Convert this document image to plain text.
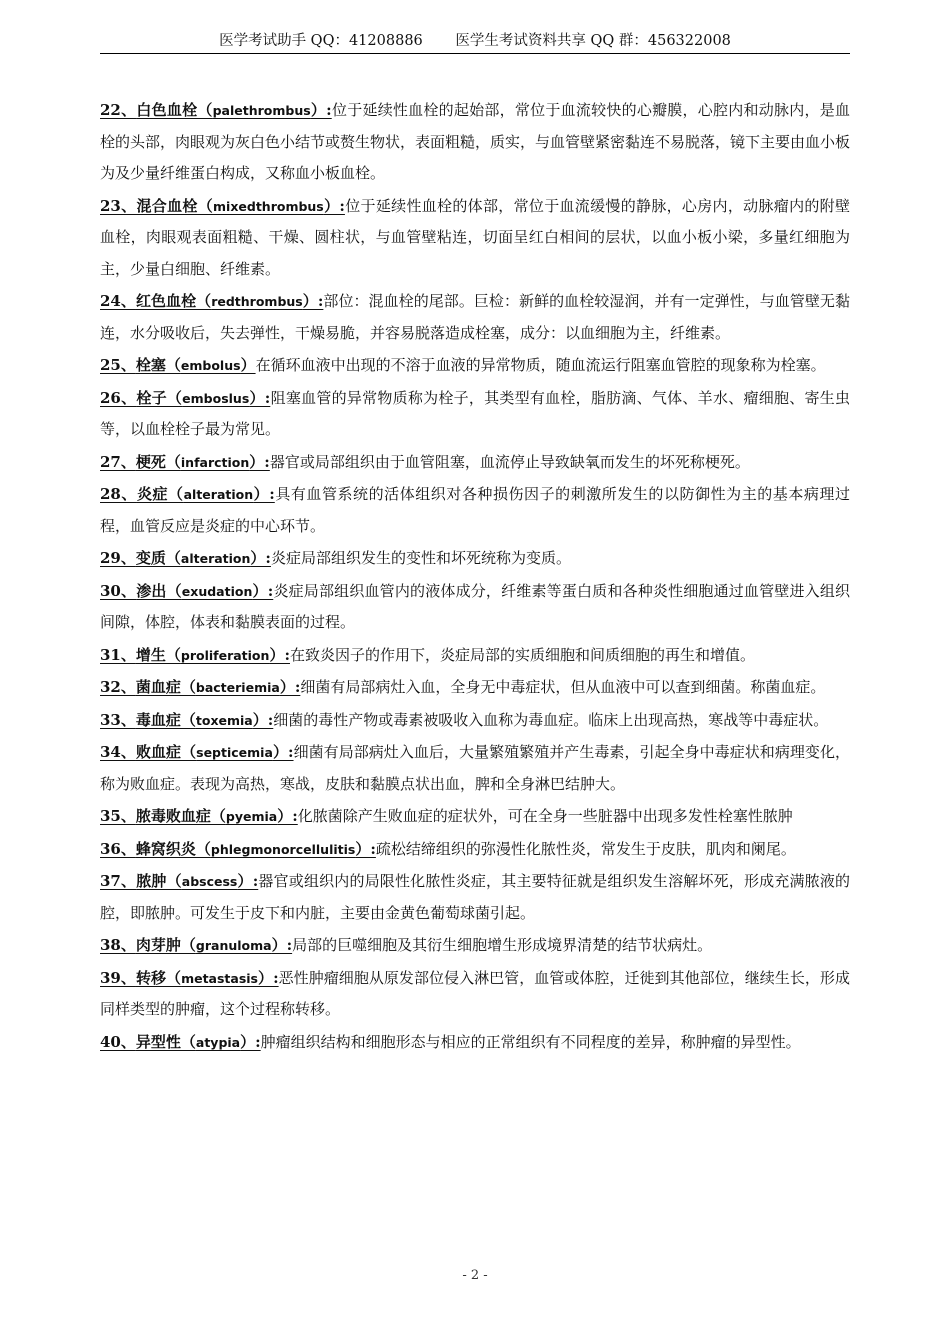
医学考试助手 QQ：41208886 医学生考试资料共享 QQ 群：456322008
22、白色血栓（palethrombus）:位于延续性血栓的起始部，常位于血流较快的心瓣膜，心腔内和动脉内，是血栓的头部，肉眼观为灰白色小结节或赘生物状，表面粗糙，质实，与血管壁紧密黏连不易脱落，镜下主要由血小板为及少量纤维蛋白构成，又称血小板血栓。
23、混合血栓（mixedthrombus）:位于延续性血栓的体部，常位于血流缓慢的静脉，心房内，动脉瘤内的附壁血栓，肉眼观表面粗糙、干燥、圆柱状，与血管壁粘连，切面呈红白相间的层状，以血小板小梁，多量红细胞为主，少量白细胞、纤维素。
24、红色血栓（redthrombus）:部位：混血栓的尾部。巨检：新鲜的血栓较湿润，并有一定弹性，与血管壁无黏连，水分吸收后，失去弹性，干燥易脆，并容易脱落造成栓塞，成分：以血细胞为主，纤维素。
25、栓塞（embolus）在循环血液中出现的不溶于血液的异常物质，随血流运行阻塞血管腔的现象称为栓塞。
26、栓子（emboslus）:阻塞血管的异常物质称为栓子，其类型有血栓，脂肪滴、气体、羊水、瘤细胞、寄生虫等，以血栓栓子最为常见。
27、梗死（infarction）:器官或局部组织由于血管阻塞，血流停止导致缺氧而发生的坏死称梗死。
28、炎症（alteration）:具有血管系统的活体组织对各种损伤因子的刺激所发生的以防御性为主的基本病理过程，血管反应是炎症的中心环节。
29、变质（alteration）:炎症局部组织发生的变性和坏死统称为变质。
30、渗出（exudation）:炎症局部组织血管内的液体成分，纤维素等蛋白质和各种炎性细胞通过血管壁进入组织间隙，体腔，体表和黏膜表面的过程。
31、增生（proliferation）:在致炎因子的作用下，炎症局部的实质细胞和间质细胞的再生和增值。
32、菌血症（bacteriemia）:细菌有局部病灶入血，全身无中毒症状，但从血液中可以查到细菌。称菌血症。
33、毒血症（toxemia）:细菌的毒性产物或毒素被吸收入血称为毒血症。临床上出现高热，寒战等中毒症状。
34、败血症（septicemia）:细菌有局部病灶入血后，大量繁殖繁殖并产生毒素，引起全身中毒症状和病理变化，称为败血症。表现为高热，寒战，皮肤和黏膜点状出血，脾和全身淋巴结肿大。
35、脓毒败血症（pyemia）:化脓菌除产生败血症的症状外，可在全身一些脏器中出现多发性栓塞性脓肿
36、蜂窝织炎（phlegmonorcellulitis）:疏松结缔组织的弥漫性化脓性炎，常发生于皮肤，肌肉和阑尾。
37、脓肿（abscess）:器官或组织内的局限性化脓性炎症，其主要特征就是组织发生溶解坏死，形成充满脓液的腔，即脓肿。可发生于皮下和内脏，主要由金黄色葡萄球菌引起。
38、肉芽肿（granuloma）:局部的巨噬细胞及其衍生细胞增生形成境界清楚的结节状病灶。
39、转移（metastasis）:恶性肿瘤细胞从原发部位侵入淋巴管，血管或体腔，迁徙到其他部位，继续生长，形成同样类型的肿瘤，这个过程称转移。
40、异型性（atypia）:肿瘤组织结构和细胞形态与相应的正常组织有不同程度的差异，称肿瘤的异型性。
- 2 -
